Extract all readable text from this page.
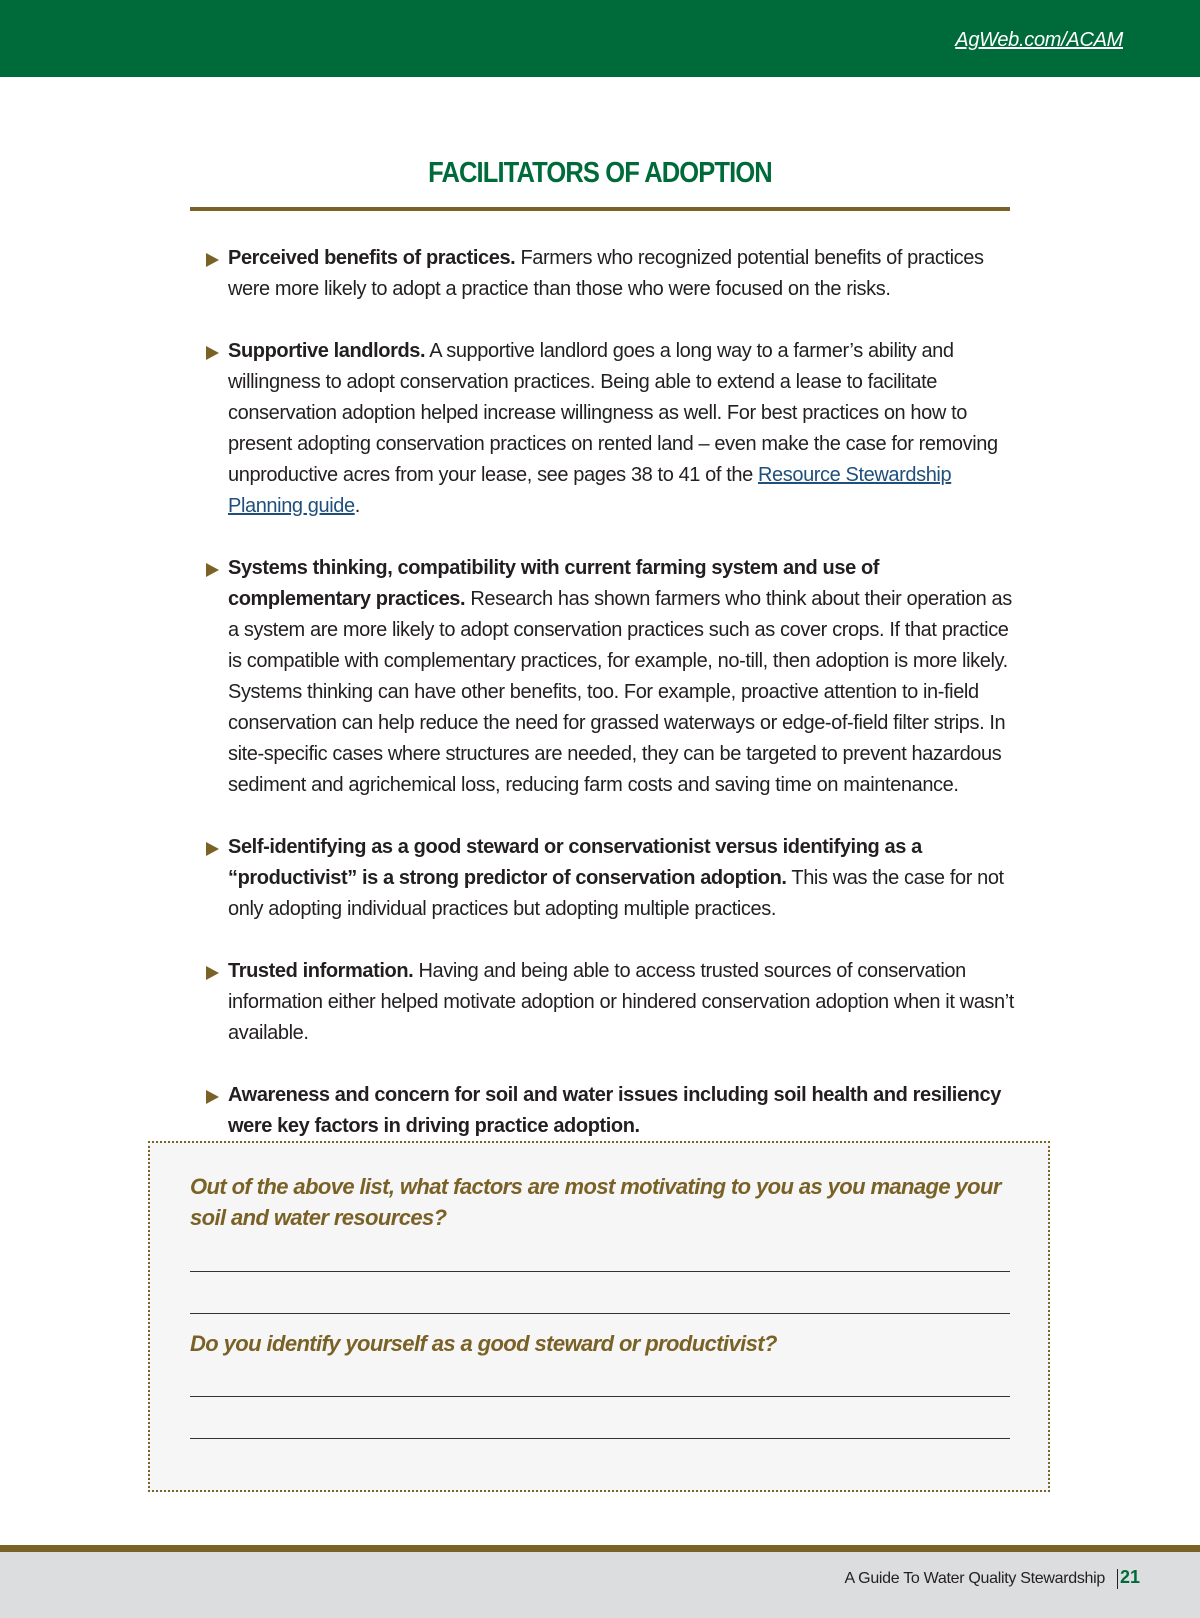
AgWeb.com/ACAM
FACILITATORS OF ADOPTION
Perceived benefits of practices. Farmers who recognized potential benefits of practices were more likely to adopt a practice than those who were focused on the risks.
Supportive landlords. A supportive landlord goes a long way to a farmer’s ability and willingness to adopt conservation practices. Being able to extend a lease to facilitate conservation adoption helped increase willingness as well. For best practices on how to present adopting conservation practices on rented land – even make the case for removing unproductive acres from your lease, see pages 38 to 41 of the Resource Stewardship Planning guide.
Systems thinking, compatibility with current farming system and use of complementary practices. Research has shown farmers who think about their operation as a system are more likely to adopt conservation practices such as cover crops. If that practice is compatible with complementary practices, for example, no-till, then adoption is more likely. Systems thinking can have other benefits, too. For example, proactive attention to in-field conservation can help reduce the need for grassed waterways or edge-of-field filter strips. In site-specific cases where structures are needed, they can be targeted to prevent hazardous sediment and agrichemical loss, reducing farm costs and saving time on maintenance.
Self-identifying as a good steward or conservationist versus identifying as a “productivist” is a strong predictor of conservation adoption. This was the case for not only adopting individual practices but adopting multiple practices.
Trusted information. Having and being able to access trusted sources of conservation information either helped motivate adoption or hindered conservation adoption when it wasn’t available.
Awareness and concern for soil and water issues including soil health and resiliency were key factors in driving practice adoption.
Out of the above list, what factors are most motivating to you as you manage your soil and water resources?
Do you identify yourself as a good steward or productivist?
A Guide To Water Quality Stewardship 21
